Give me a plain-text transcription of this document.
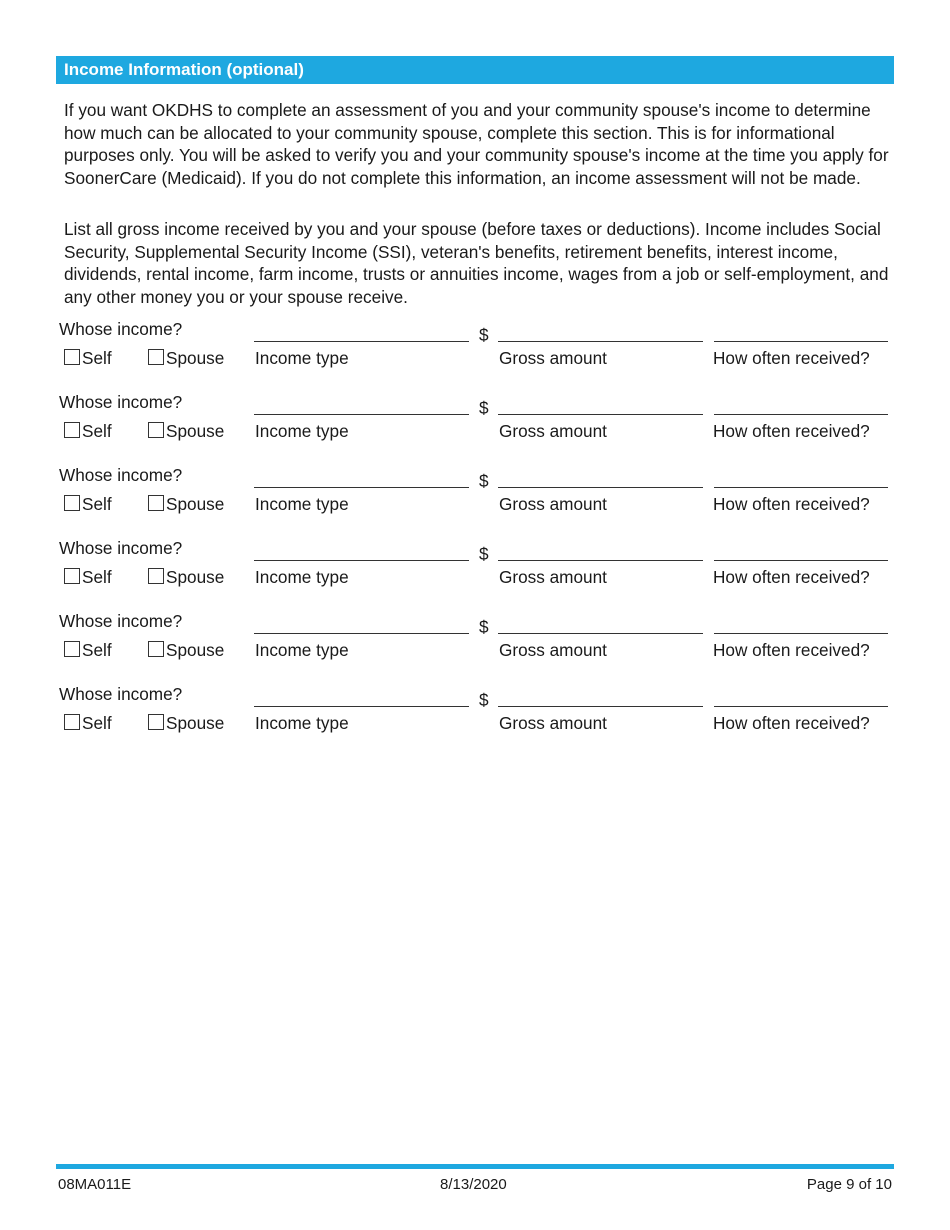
Income Information (optional)
If you want OKDHS to complete an assessment of you and your community spouse's income to determine how much can be allocated to your community spouse, complete this section. This is for informational purposes only. You will be asked to verify you and your community spouse's income at the time you apply for SoonerCare (Medicaid). If you do not complete this information, an income assessment will not be made.
List all gross income received by you and your spouse (before taxes or deductions). Income includes Social Security, Supplemental Security Income (SSI), veteran's benefits, retirement benefits, interest income, dividends, rental income, farm income, trusts or annuities income, wages from a job or self-employment, and any other money you or your spouse receive.
Whose income?
Self	Spouse Income type
$
Gross amount	How often received?
Whose income?
Self	Spouse Income type
$
Gross amount	How often received?
Whose income?
Self	Spouse Income type
$
Gross amount	How often received?
Whose income?
Self	Spouse Income type
$
Gross amount	How often received?
Whose income?
Self	Spouse Income type
$
Gross amount	How often received?
Whose income?
Self	Spouse Income type
$
Gross amount	How often received?
08MA011E	8/13/2020	Page 9 of 10
